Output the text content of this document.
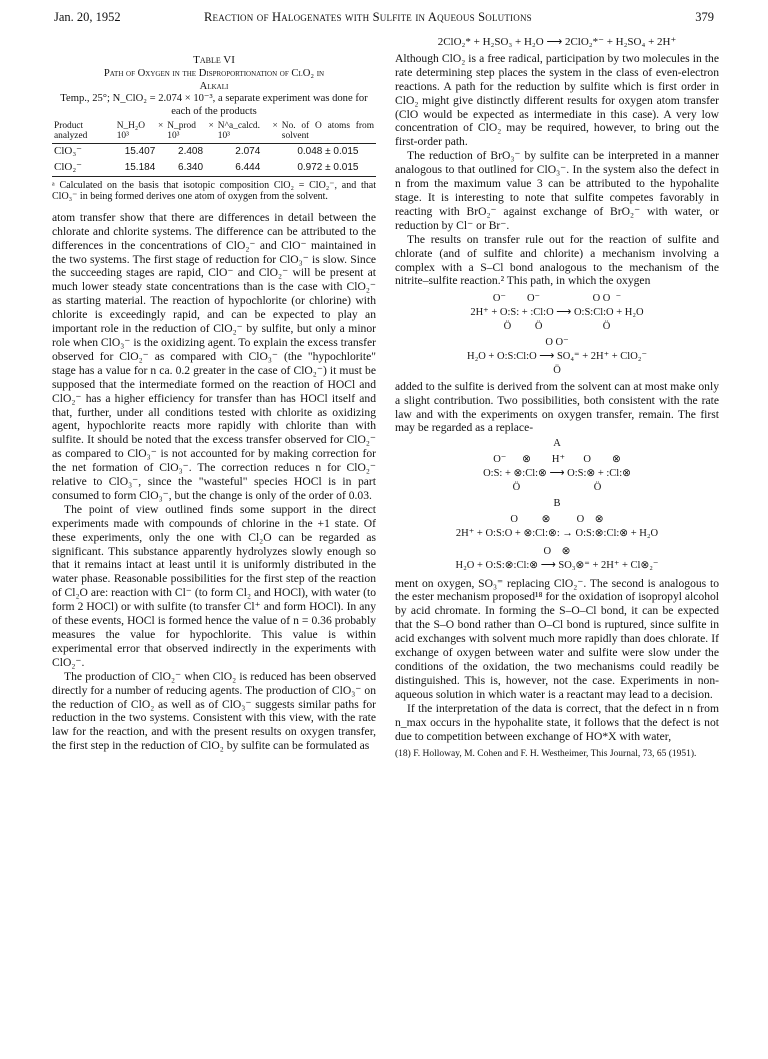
Jan. 20, 1952	Reaction of Halogenates with Sulfite in Aqueous Solutions	379
Table VI
Path of Oxygen in the Disproportionation of ClO₂ in
Alkali
Temp., 25°; N_ClO₂ = 2.074 × 10⁻³, a separate experiment was done for each of the products
Product analyzed	N_H₂O × 10³	N_prod × 10³	N^a_calcd. × 10³	No. of O atoms from solvent
ClO₃⁻	15.407	2.408	2.074	0.048 ± 0.015
ClO₂⁻	15.184	6.340	6.444	0.972 ± 0.015
ᵃ Calculated on the basis that isotopic composition ClO₂ = ClO₂⁻, and that ClO₃⁻ in being formed derives one atom of oxygen from the solvent.

atom transfer show that there are differences in detail between the chlorate and chlorite systems. The difference can be attributed to the differences in the concentrations of ClO₂⁻ and ClO⁻ maintained in the two systems. The first stage of reduction for ClO₃⁻ is slow. Since the succeeding stages are rapid, ClO⁻ and ClO₂⁻ will be present at much lower steady state concentrations than is the case with ClO₂⁻ as starting material. The reaction of hypochlorite (or chlorine) with chlorite is exceedingly rapid, and can be expected to play an important role in the reduction of ClO₂⁻ by sulfite, but only a minor role when ClO₃⁻ is the oxidizing agent. To explain the excess transfer observed for ClO₂⁻ as compared with ClO₃⁻ (the "hypochlorite" stage has a value for n ca. 0.2 greater in the case of ClO₂⁻) it must be supposed that the intermediate formed on the reaction of HOCl and ClO₂⁻ has a higher efficiency for transfer than has HOCl itself and that, further, under all conditions tested with chlorite as oxidizing agent, hypochlorite reacts more rapidly with chlorite than with sulfite. It should be noted that the excess transfer observed for ClO₂⁻ as compared to ClO₃⁻ is not accounted for by making correction for the net formation of ClO₃⁻. The correction reduces n for ClO₂⁻ relative to ClO₃⁻, since the "wasteful" species HOCl is in part consumed to form ClO₃⁻, but the change is only of the order of 0.03.

The point of view outlined finds some support in the direct experiments made with compounds of chlorine in the +1 state. Of these experiments, only the one with Cl₂O can be regarded as significant. This substance apparently hydrolyzes slowly enough so that it remains intact at least until it is uniformly distributed in the water phase. Reasonable possibilities for the first step of the reaction of Cl₂O are: reaction with Cl⁻ (to form Cl₂ and HOCl), with water (to form 2 HOCl) or with sulfite (to transfer Cl⁺ and form HOCl). In any of these events, HOCl is formed hence the value of n = 0.36 probably measures the value for hypochlorite. This value is within experimental error that observed indirectly in the experiments with ClO₂⁻.

The production of ClO₂⁻ when ClO₂ is reduced has been observed directly for a number of reducing agents. The production of ClO₃⁻ on the reduction of ClO₂ as well as of ClO₃⁻ suggests similar paths for reduction in the two systems. Consistent with this view, with the rate law for the reaction, and with the present results on oxygen transfer, the first step in the reduction of ClO₂ by sulfite can be formulated as

2ClO₂* + H₂SO₃ + H₂O ⟶ 2ClO₂*⁻ + H₂SO₄ + 2H⁺

Although ClO₂ is a free radical, participation by two molecules in the rate determining step places the system in the class of even-electron reactions. A path for the reduction by sulfite which is first order in ClO₂ might give distinctly different results for oxygen atom transfer (ClO would be expected as intermediate in this case). A very low concentration of ClO₂ may be required, however, to bring out the first-order path.

The reduction of BrO₃⁻ by sulfite can be interpreted in a manner analogous to that outlined for ClO₃⁻. In the system also the defect in n from the maximum value 3 can be attributed to the hypohalite stage. It is interesting to note that sulfite competes favorably in reacting with BrO₂⁻ against exchange of BrO₂⁻ with water, or reduction by Cl⁻ or Br⁻.

The results on transfer rule out for the reaction of sulfite and chlorate (and of sulfite and chlorite) a mechanism involving a complex with a S–Cl bond analogous to the mechanism of the nitrite–sulfite reaction.² This path, in which the oxygen

O⁻        O⁻                    O O  ⁻
2H⁺ + O:S: + :Cl:O ⟶ O:S:Cl:O + H₂O
Ö         Ö                       Ö
O O⁻
H₂O + O:S:Cl:O ⟶ SO₄⁼ + 2H⁺ + ClO₂⁻
Ö

added to the sulfite is derived from the solvent can at most make only a slight contribution. Two possibilities, both consistent with the rate law and with the experiments on oxygen transfer, remain. The first may be regarded as a replace-

A
O⁻      ⊗        H⁺       O        ⊗
O:S: + ⊗:Cl:⊗ ⟶ O:S:⊗ + :Cl:⊗
Ö                            Ö
B
O         ⊗          O    ⊗
2H⁺ + O:S:O + ⊗:Cl:⊗: → O:S:⊗:Cl:⊗ + H₂O
O    ⊗
H₂O + O:S:⊗:Cl:⊗ ⟶ SO₃⊗⁼ + 2H⁺ + Cl⊗₂⁻

ment on oxygen, SO₃⁼ replacing ClO₂⁻. The second is analogous to the ester mechanism proposed¹⁸ for the oxidation of isopropyl alcohol by acid chromate. In forming the S–O–Cl bond, it can be expected that the S–O bond rather than O–Cl bond is ruptured, since sulfite in acid exchanges with solvent much more rapidly than does chlorate. If exchange of oxygen between water and sulfite were slow under the conditions of the oxidation, the two mechanisms could readily be distinguished. This is, however, not the case. Experiments in non-aqueous solution in which water is a reactant may lead to a decision.

If the interpretation of the data is correct, that the defect in n from n_max occurs in the hypohalite state, it follows that the defect is not due to competition between exchange of HO*X with water,

(18) F. Holloway, M. Cohen and F. H. Westheimer, This Journal, 73, 65 (1951).
